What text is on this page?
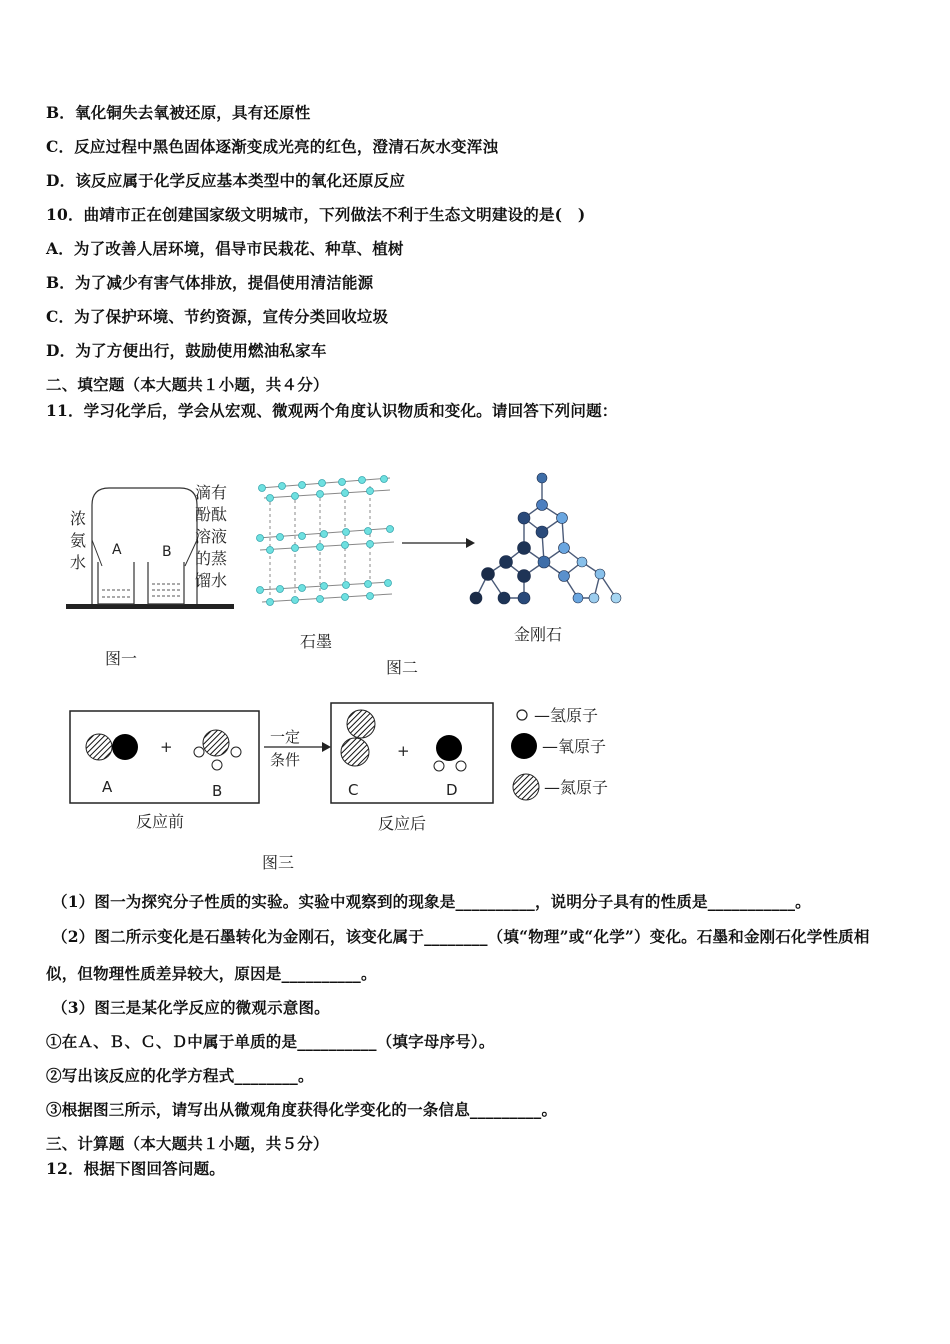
B．氧化铜失去氧被还原，具有还原性
C．反应过程中黑色固体逐渐变成光亮的红色，澄清石灰水变浑浊
D．该反应属于化学反应基本类型中的氧化还原反应
10．曲靖市正在创建国家级文明城市，下列做法不利于生态文明建设的是(　)
A．为了改善人居环境，倡导市民栽花、种草、植树
B．为了减少有害气体排放，提倡使用清洁能源
C．为了保护环境、节约资源，宣传分类回收垃圾
D．为了方便出行，鼓励使用燃油私家车
二、填空题（本大题共１小题，共４分）
11．学习化学后，学会从宏观、微观两个角度认识物质和变化。请回答下列问题：
A	B
浓
氨
水
滴有
酚酞
溶液
的蒸
馏水
图一
石墨	金刚石
图二
A
+
B
一定
条件
C
+
D
—氢原子
—氧原子
—氮原子
反应前	反应后
图三
（1）图一为探究分子性质的实验。实验中观察到的现象是__________，说明分子具有的性质是___________。
（2）图二所示变化是石墨转化为金刚石，该变化属于________（填“物理”或“化学”）变化。石墨和金刚石化学性质相
似，但物理性质差异较大，原因是__________。
（3）图三是某化学反应的微观示意图。
①在Ａ、Ｂ、Ｃ、Ｄ中属于单质的是__________（填字母序号）。
②写出该反应的化学方程式________。
③根据图三所示，请写出从微观角度获得化学变化的一条信息_________。
三、计算题（本大题共１小题，共５分）
12．根据下图回答问题。
